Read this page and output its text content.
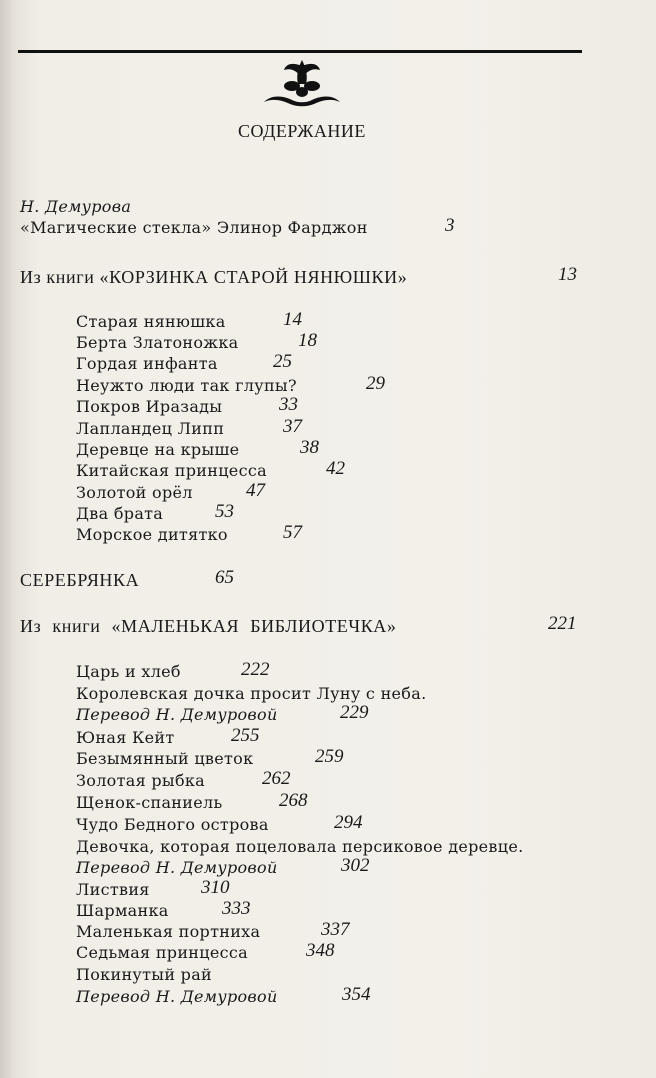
СОДЕРЖАНИЕ
Н. Демурова
«Магические стекла» Элинор Фарджон	3
Из книги «КОРЗИНКА СТАРОЙ НЯНЮШКИ»	13
Старая нянюшка	14
Берта Златоножка	18
Гордая инфанта	25
Неужто люди так глупы?	29
Покров Иразады	33
Лапландец Липп	37
Деревце на крыше	38
Китайская принцесса	42
Золотой орёл	47
Два брата	53
Морское дитятко	57
СЕРЕБРЯНКА	65
Из книги «МАЛЕНЬКАЯ БИБЛИОТЕЧКА»	221
Царь и хлеб	222
Королевская дочка просит Луну с неба.
Перевод Н. Демуровой	229
Юная Кейт	255
Безымянный цветок	259
Золотая рыбка	262
Щенок-спаниель	268
Чудо Бедного острова	294
Девочка, которая поцеловала персиковое деревце.
Перевод Н. Демуровой	302
Листвия	310
Шарманка	333
Маленькая портниха	337
Седьмая принцесса	348
Покинутый рай
Перевод Н. Демуровой	354
